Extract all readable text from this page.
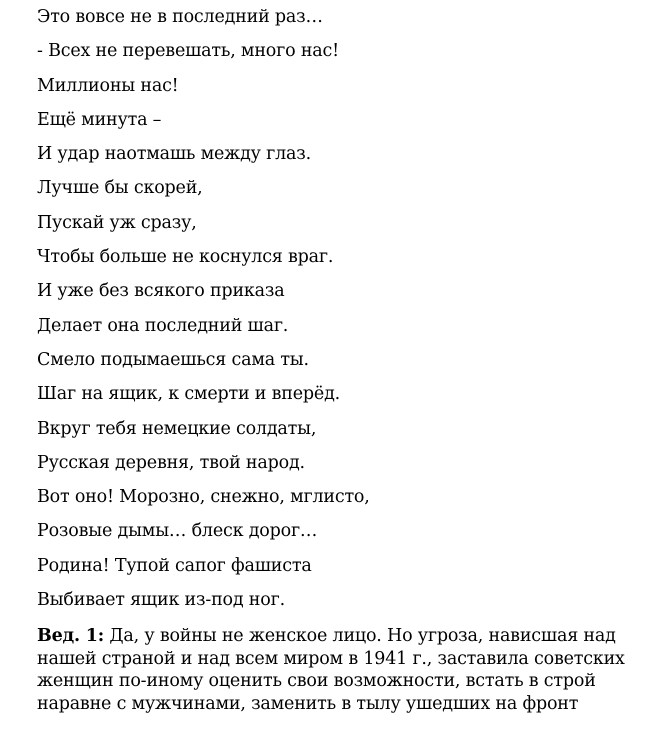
Это вовсе не в последний раз…
- Всех не перевешать, много нас!
Миллионы нас!
Ещё минута –
И удар наотмашь между глаз.
Лучше бы скорей,
Пускай уж сразу,
Чтобы больше не коснулся враг.
И уже без всякого приказа
Делает она последний шаг.
Смело подымаешься сама ты.
Шаг на ящик, к смерти и вперёд.
Вкруг тебя немецкие солдаты,
Русская деревня, твой народ.
Вот оно! Морозно, снежно, мглисто,
Розовые дымы… блеск дорог…
Родина! Тупой сапог фашиста
Выбивает ящик из-под ног.

Вед. 1: Да, у войны не женское лицо. Но угроза, нависшая над
нашей страной и над всем миром в 1941 г., заставила советских
женщин по-иному оценить свои возможности, встать в строй
наравне с мужчинами, заменить в тылу ушедших на фронт
